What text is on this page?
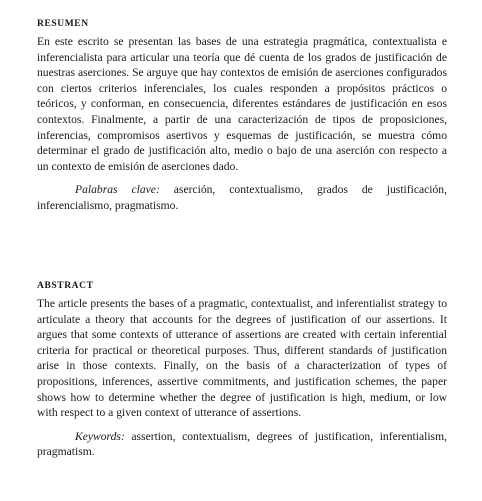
RESUMEN

En este escrito se presentan las bases de una estrategia pragmática, contextualista e inferencialista para articular una teoría que dé cuenta de los grados de justificación de nuestras aserciones. Se arguye que hay contextos de emisión de aserciones configurados con ciertos criterios inferenciales, los cuales responden a propósitos prácticos o teóricos, y conforman, en consecuencia, diferentes estándares de justificación en esos contextos. Finalmente, a partir de una caracterización de tipos de proposiciones, inferencias, compromisos asertivos y esquemas de justificación, se muestra cómo determinar el grado de justificación alto, medio o bajo de una aserción con respecto a un contexto de emisión de aserciones dado.

Palabras clave: aserción, contextualismo, grados de justificación, inferencialismo, pragmatismo.

ABSTRACT

The article presents the bases of a pragmatic, contextualist, and inferentialist strategy to articulate a theory that accounts for the degrees of justification of our assertions. It argues that some contexts of utterance of assertions are created with certain inferential criteria for practical or theoretical purposes. Thus, different standards of justification arise in those contexts. Finally, on the basis of a characterization of types of propositions, inferences, assertive commitments, and justification schemes, the paper shows how to determine whether the degree of justification is high, medium, or low with respect to a given context of utterance of assertions.

Keywords: assertion, contextualism, degrees of justification, inferentialism, pragmatism.
